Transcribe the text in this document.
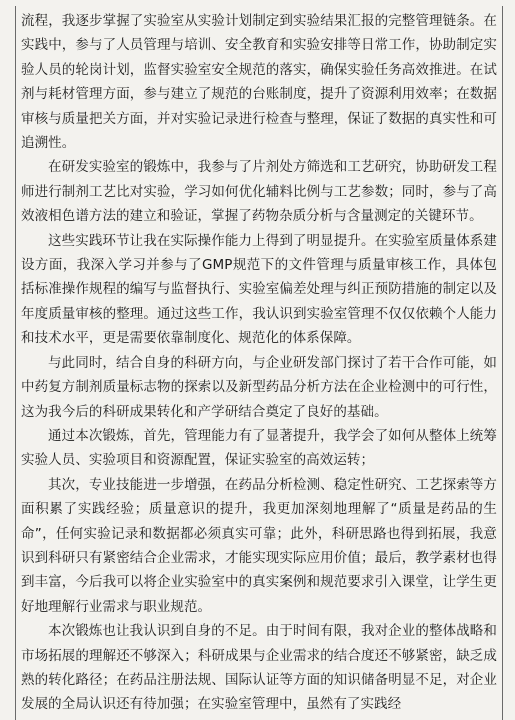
流程，我逐步掌握了实验室从实验计划制定到实验结果汇报的完整管理链条。在实践中，参与了人员管理与培训、安全教育和实验安排等日常工作，协助制定实验人员的轮岗计划，监督实验室安全规范的落实，确保实验任务高效推进。在试剂与耗材管理方面，参与建立了规范的台账制度，提升了资源利用效率；在数据审核与质量把关方面，并对实验记录进行检查与整理，保证了数据的真实性和可追溯性。

在研发实验室的锻炼中，我参与了片剂处方筛选和工艺研究，协助研发工程师进行制剂工艺比对实验，学习如何优化辅料比例与工艺参数；同时，参与了高效液相色谱方法的建立和验证，掌握了药物杂质分析与含量测定的关键环节。

这些实践环节让我在实际操作能力上得到了明显提升。在实验室质量体系建设方面，我深入学习并参与了GMP规范下的文件管理与质量审核工作，具体包括标准操作规程的编写与监督执行、实验室偏差处理与纠正预防措施的制定以及年度质量审核的整理。通过这些工作，我认识到实验室管理不仅仅依赖个人能力和技术水平，更是需要依靠制度化、规范化的体系保障。

与此同时，结合自身的科研方向，与企业研发部门探讨了若干合作可能，如中药复方制剂质量标志物的探索以及新型药品分析方法在企业检测中的可行性，这为我今后的科研成果转化和产学研结合奠定了良好的基础。

通过本次锻炼，首先，管理能力有了显著提升，我学会了如何从整体上统筹实验人员、实验项目和资源配置，保证实验室的高效运转；

其次，专业技能进一步增强，在药品分析检测、稳定性研究、工艺探索等方面积累了实践经验；质量意识的提升，我更加深刻地理解了“质量是药品的生命”，任何实验记录和数据都必须真实可靠；此外，科研思路也得到拓展，我意识到科研只有紧密结合企业需求，才能实现实际应用价值；最后，教学素材也得到丰富，今后我可以将企业实验室中的真实案例和规范要求引入课堂，让学生更好地理解行业需求与职业规范。

本次锻炼也让我认识到自身的不足。由于时间有限，我对企业的整体战略和市场拓展的理解还不够深入；科研成果与企业需求的结合度还不够紧密，缺乏成熟的转化路径；在药品注册法规、国际认证等方面的知识储备明显不足，对企业发展的全局认识还有待加强；在实验室管理中，虽然有了实践经
